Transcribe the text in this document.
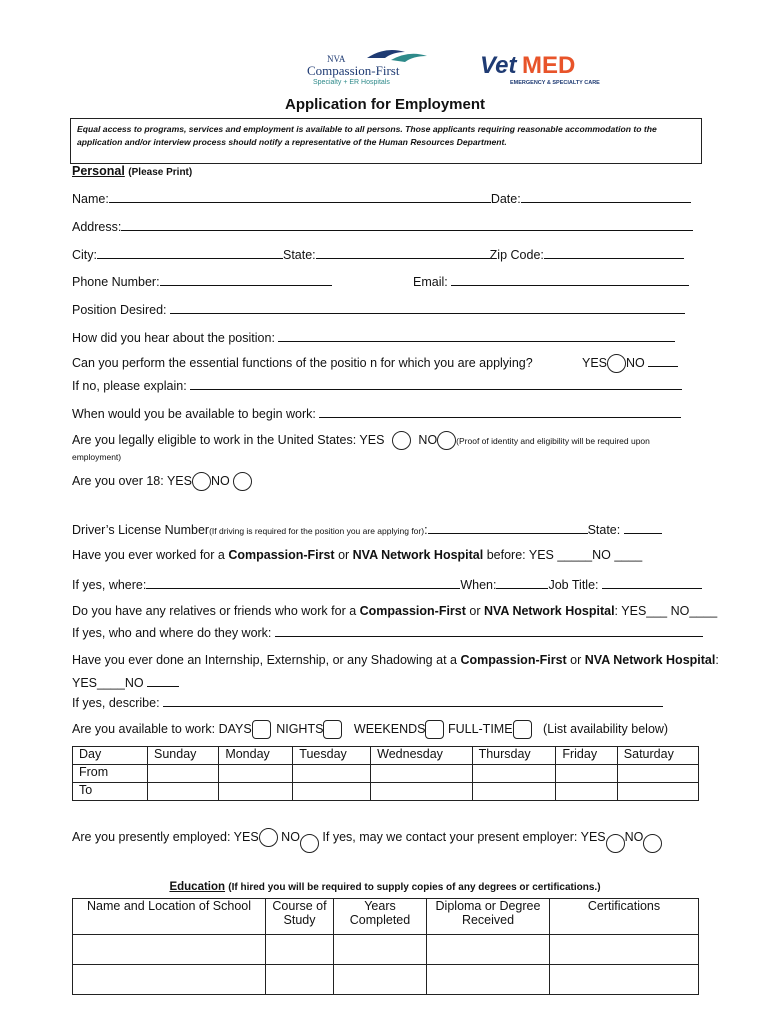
NVA
Compassion-First
Specialty + ER Hospitals
Vet MED
EMERGENCY & SPECIALTY CARE
Application for Employment
Equal access to programs, services and employment is available to all persons. Those applicants requiring reasonable accommodation to the application and/or interview process should notify a representative of the Human Resources Department.
Personal (Please Print)
Name:	Date:
Address:
City:	State:	Zip Code:
Phone Number:	Email:
Position Desired:
How did you hear about the position:
Can you perform the essential functions of the positio n for which you are applying?	YES NO
If no, please explain:
When would you be available to begin work:
Are you legally eligible to work in the United States: YES	NO (Proof of identity and eligibility will be required upon
employment)
Are you over 18: YES NO
Driver’s License Number(If driving is required for the position you are applying for):	State:
Have you ever worked for a Compassion-First or NVA Network Hospital before: YES _____NO ____
If yes, where:	When:	Job Title:
Do you have any relatives or friends who work for a Compassion-First or NVA Network Hospital: YES___ NO____
If yes, who and where do they work:
Have you ever done an Internship, Externship, or any Shadowing at a Compassion-First or NVA Network Hospital:
YES____NO
If yes, describe:
Are you available to work: DAYS NIGHTS WEEKENDS FULL-TIME (List availability below)
Day	Sunday	Monday	Tuesday	Wednesday	Thursday	Friday	Saturday
From							
To							
Are you presently employed: YES NO If yes, may we contact your present employer: YES NO
Education (If hired you will be required to supply copies of any degrees or certifications.)
Name and Location of School	Course of Study	Years Completed	Diploma or Degree Received	Certifications
